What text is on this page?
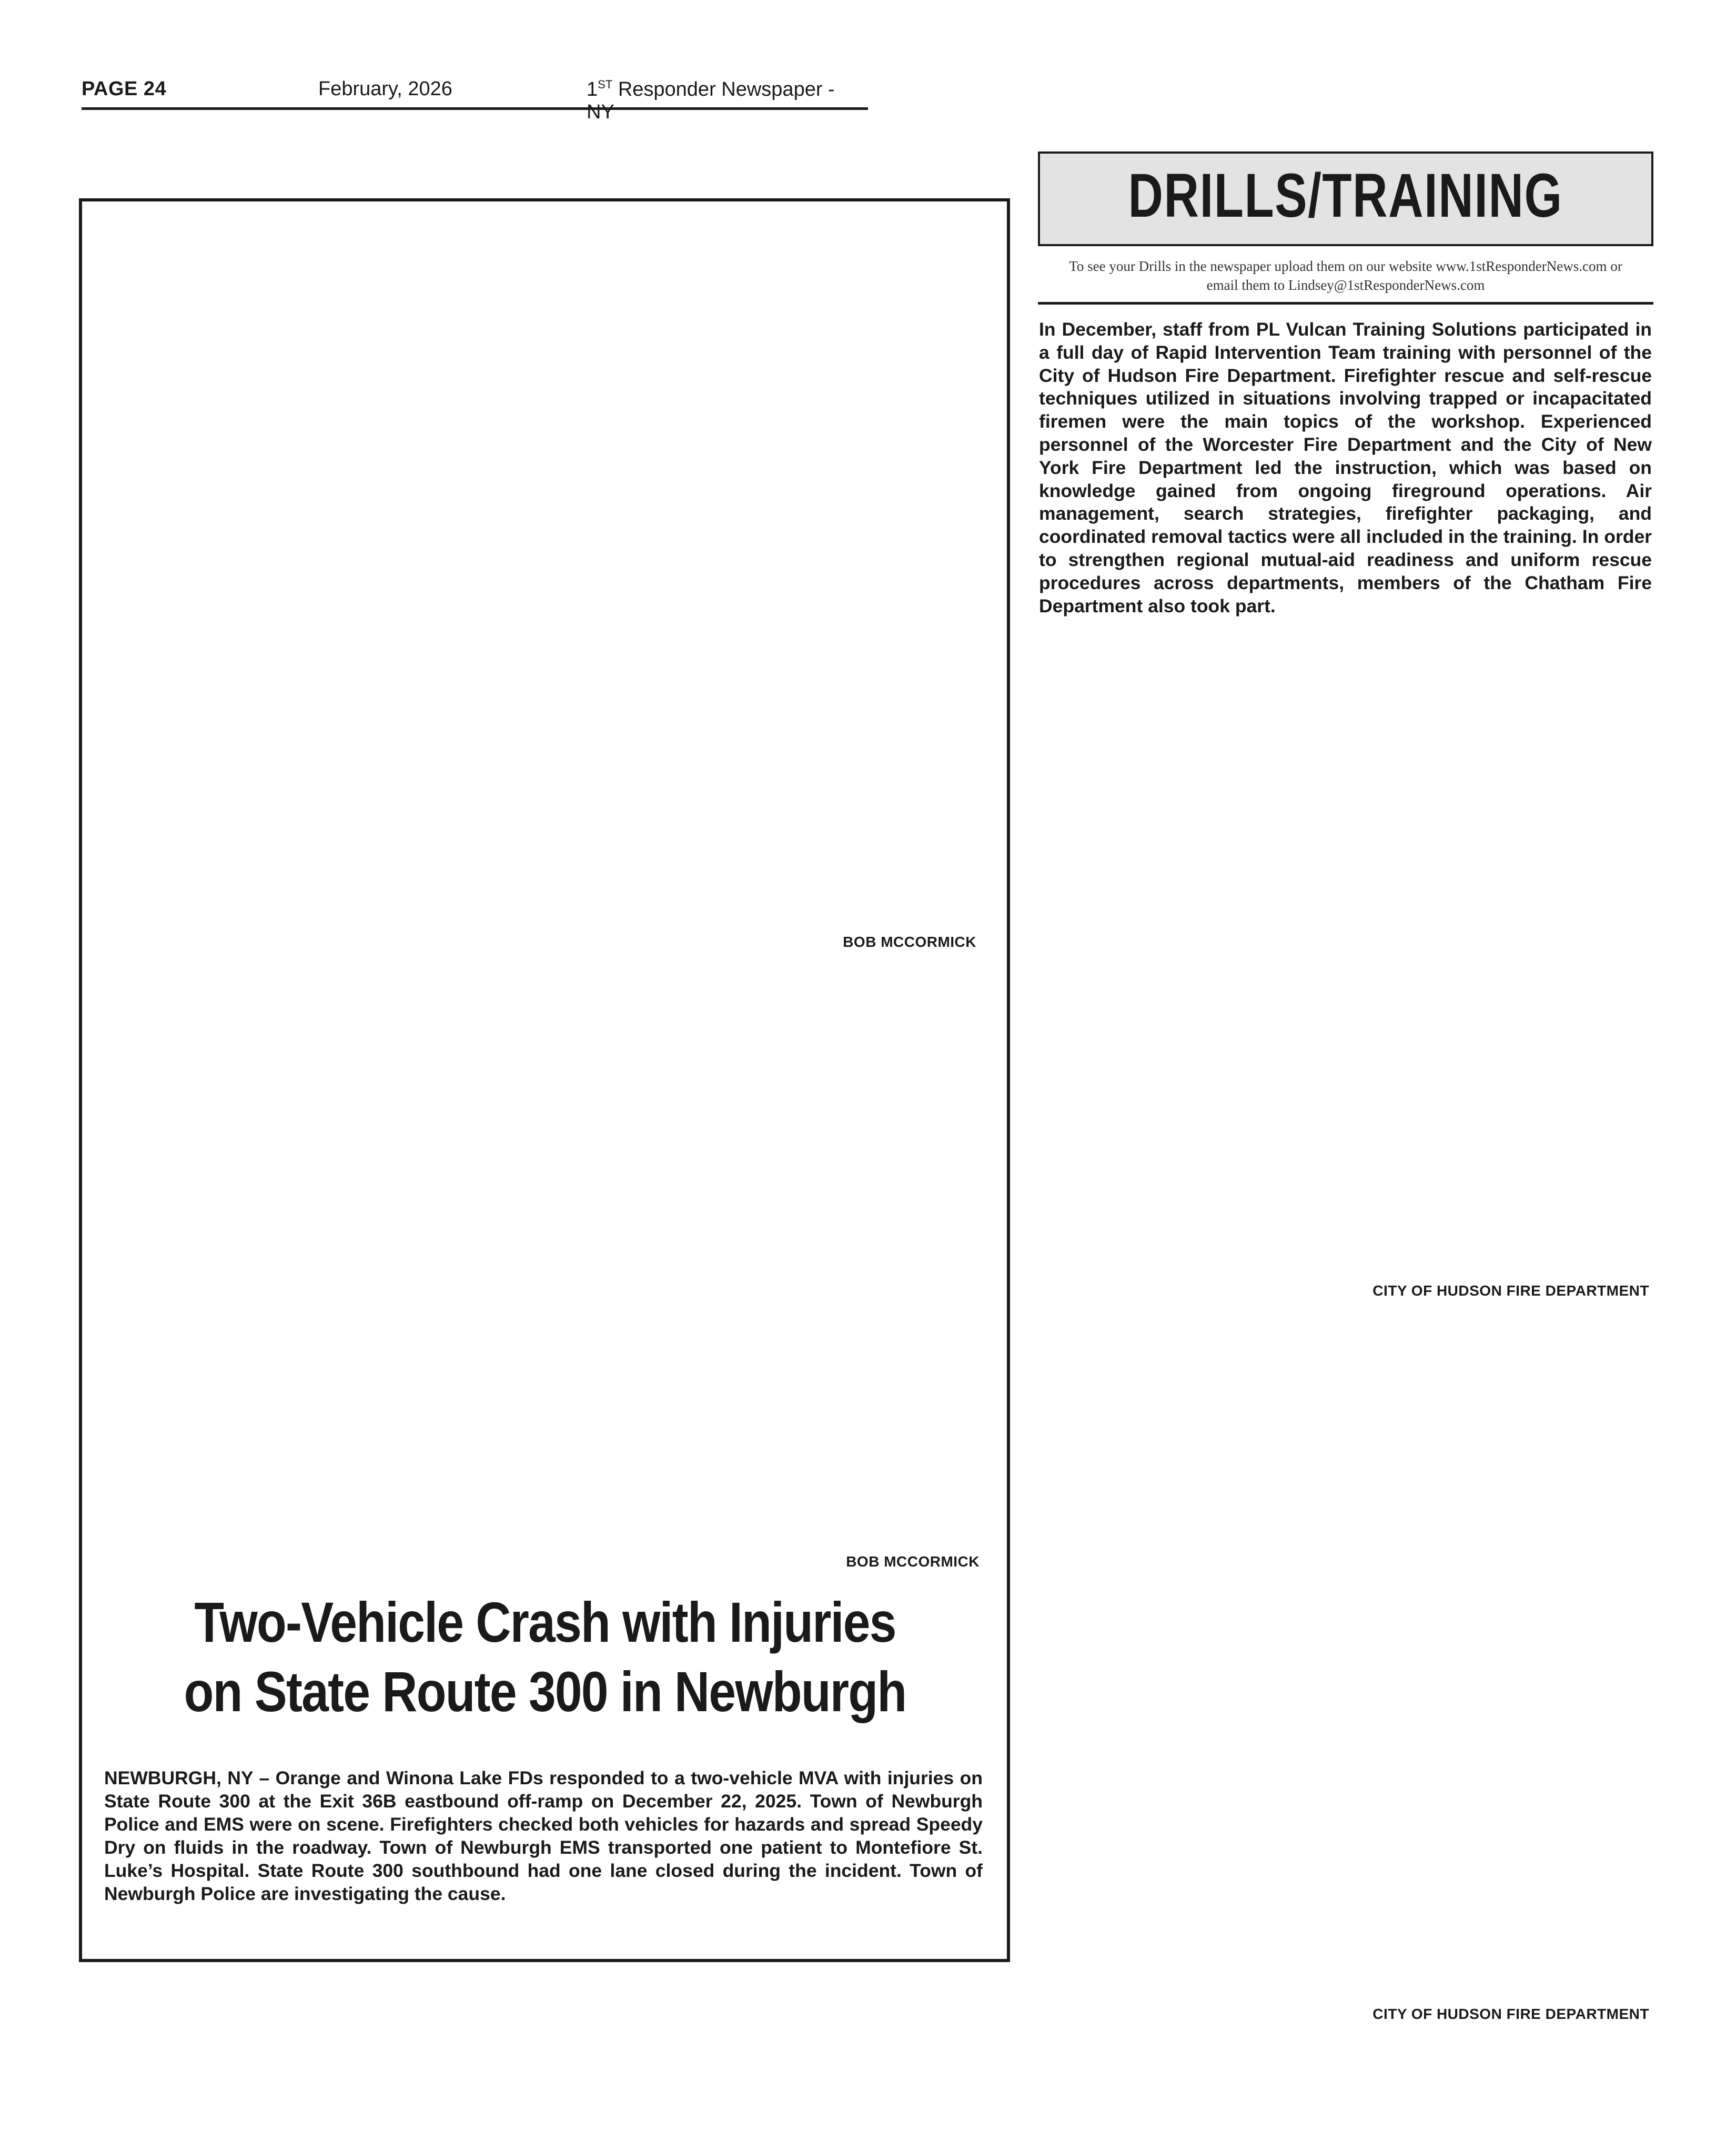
PAGE 24	February, 2026	1ST Responder Newspaper - NY
BOB MCCORMICK
BOB MCCORMICK
Two-Vehicle Crash with Injuries
on State Route 300 in Newburgh
NEWBURGH, NY – Orange and Winona Lake FDs responded to a two-vehicle MVA with injuries on State Route 300 at the Exit 36B eastbound off-ramp on December 22, 2025. Town of Newburgh Police and EMS were on scene. Firefighters checked both vehicles for hazards and spread Speedy Dry on fluids in the roadway. Town of Newburgh EMS transported one patient to Montefiore St. Luke’s Hospital. State Route 300 southbound had one lane closed during the incident. Town of Newburgh Police are investigating the cause.
DRILLS/TRAINING
To see your Drills in the newspaper upload them on our website www.1stResponderNews.com or
email them to Lindsey@1stResponderNews.com
In December, staff from PL Vulcan Training Solutions participated in a full day of Rapid Intervention Team training with personnel of the City of Hudson Fire Department. Firefighter rescue and self-rescue techniques utilized in situations involving trapped or incapacitated firemen were the main topics of the workshop. Experienced personnel of the Worcester Fire Department and the City of New York Fire Department led the instruction, which was based on knowledge gained from ongoing fireground operations. Air management, search strategies, firefighter packaging, and coordinated removal tactics were all included in the training. In order to strengthen regional mutual-aid readiness and uniform rescue procedures across departments, members of the Chatham Fire Department also took part.
CITY OF HUDSON FIRE DEPARTMENT
CITY OF HUDSON FIRE DEPARTMENT
